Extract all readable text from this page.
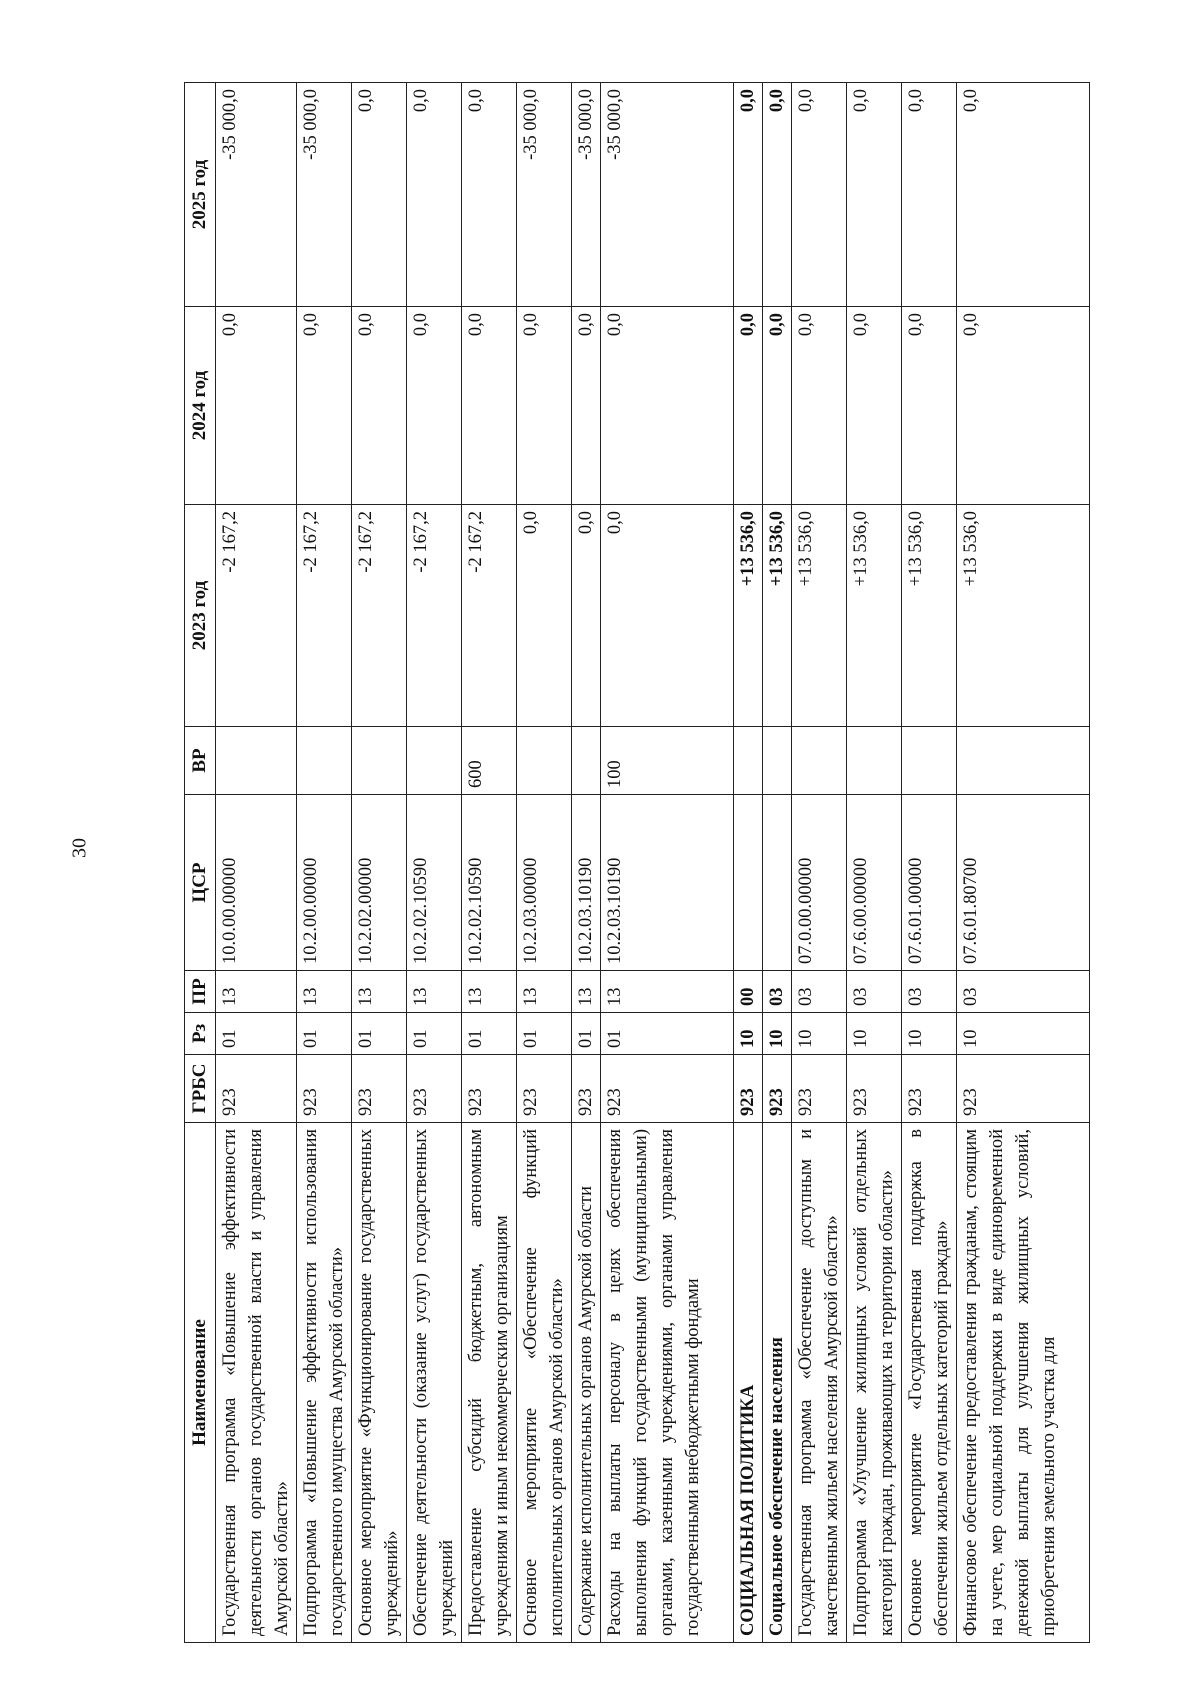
30
Наименование	ГРБС	Рз	ПР	ЦСР	ВР	2023 год	2024 год	2025 год
Государственная программа «Повышение эффективности деятельности органов государственной власти и управления Амурской области»	923	01	13	10.0.00.00000		-2 167,2	0,0	-35 000,0
Подпрограмма «Повышение эффективности использования государственного имущества Амурской области»	923	01	13	10.2.00.00000		-2 167,2	0,0	-35 000,0
Основное мероприятие «Функционирование государственных учреждений»	923	01	13	10.2.02.00000		-2 167,2	0,0	0,0
Обеспечение деятельности (оказание услуг) государственных учреждений	923	01	13	10.2.02.10590		-2 167,2	0,0	0,0
Предоставление субсидий бюджетным, автономным учреждениям и иным некоммерческим организациям	923	01	13	10.2.02.10590	600	-2 167,2	0,0	0,0
Основное мероприятие «Обеспечение функций исполнительных органов Амурской области»	923	01	13	10.2.03.00000		0,0	0,0	-35 000,0
Содержание исполнительных органов Амурской области	923	01	13	10.2.03.10190		0,0	0,0	-35 000,0
Расходы на выплаты персоналу в целях обеспечения выполнения функций государственными (муниципальными) органами, казенными учреждениями, органами управления государственными внебюджетными фондами	923	01	13	10.2.03.10190	100	0,0	0,0	-35 000,0
СОЦИАЛЬНАЯ ПОЛИТИКА	923	10	00			+13 536,0	0,0	0,0
Социальное обеспечение населения	923	10	03			+13 536,0	0,0	0,0
Государственная программа «Обеспечение доступным и качественным жильем населения Амурской области»	923	10	03	07.0.00.00000		+13 536,0	0,0	0,0
Подпрограмма «Улучшение жилищных условий отдельных категорий граждан, проживающих на территории области»	923	10	03	07.6.00.00000		+13 536,0	0,0	0,0
Основное мероприятие «Государственная поддержка в обеспечении жильем отдельных категорий граждан»	923	10	03	07.6.01.00000		+13 536,0	0,0	0,0
Финансовое обеспечение предоставления гражданам, стоящим на учете, мер социальной поддержки в виде единовременной денежной выплаты для улучшения жилищных условий, приобретения земельного участка для	923	10	03	07.6.01.80700		+13 536,0	0,0	0,0
